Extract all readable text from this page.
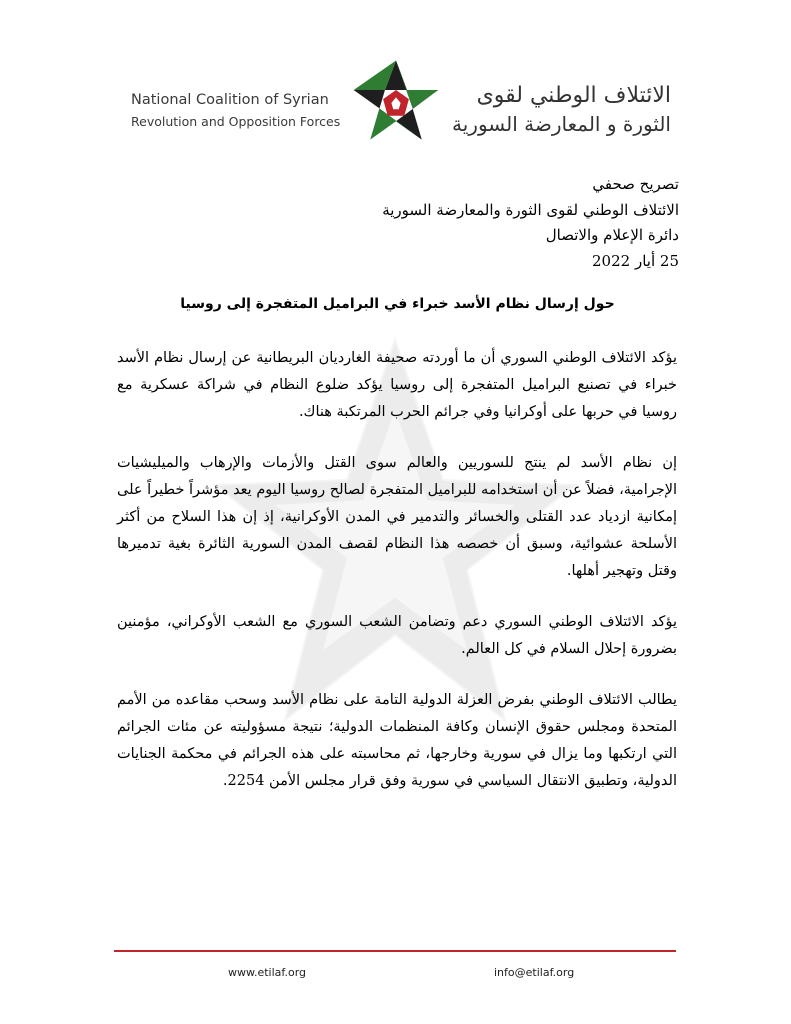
National Coalition of Syrian
Revolution and Opposition Forces
الائتلاف الوطني لقوى
الثورة و المعارضة السورية
تصريح صحفي
الائتلاف الوطني لقوى الثورة والمعارضة السورية
دائرة الإعلام والاتصال
25 أيار 2022
حول إرسال نظام الأسد خبراء في البراميل المتفجرة إلى روسيا

يؤكد الائتلاف الوطني السوري أن ما أوردته صحيفة الغارديان البريطانية عن إرسال نظام الأسد خبراء في تصنيع البراميل المتفجرة إلى روسيا يؤكد ضلوع النظام في شراكة عسكرية مع روسيا في حربها على أوكرانيا وفي جرائم الحرب المرتكبة هناك.

إن نظام الأسد لم ينتج للسوريين والعالم سوى القتل والأزمات والإرهاب والميليشيات الإجرامية، فضلاً عن أن استخدامه للبراميل المتفجرة لصالح روسيا اليوم يعد مؤشراً خطيراً على إمكانية ازدياد عدد القتلى والخسائر والتدمير في المدن الأوكرانية، إذ إن هذا السلاح من أكثر الأسلحة عشوائية، وسبق أن خصصه هذا النظام لقصف المدن السورية الثائرة بغية تدميرها وقتل وتهجير أهلها.

يؤكد الائتلاف الوطني السوري دعم وتضامن الشعب السوري مع الشعب الأوكراني، مؤمنين بضرورة إحلال السلام في كل العالم.

يطالب الائتلاف الوطني بفرض العزلة الدولية التامة على نظام الأسد وسحب مقاعده من الأمم المتحدة ومجلس حقوق الإنسان وكافة المنظمات الدولية؛ نتيجة مسؤوليته عن مئات الجرائم التي ارتكبها وما يزال في سورية وخارجها، ثم محاسبته على هذه الجرائم في محكمة الجنايات الدولية، وتطبيق الانتقال السياسي في سورية وفق قرار مجلس الأمن 2254.

www.etilaf.org	info@etilaf.org
